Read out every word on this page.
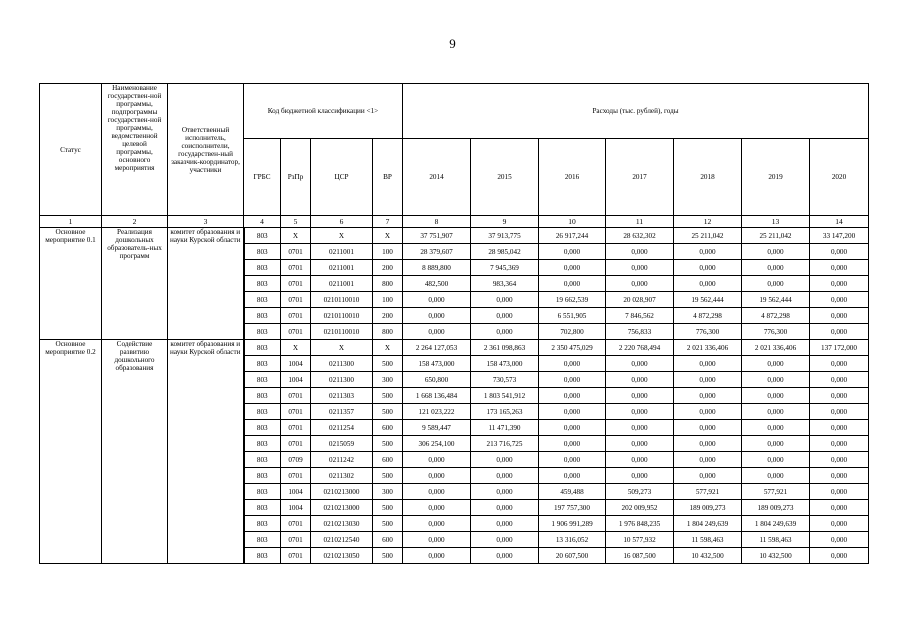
9
Статус	Наименование государствен-ной программы, подпрограммы государствен-ной программы, ведомственной целевой программы, основного мероприятия	Ответственный исполнитель, соисполнители, государствен-ный заказчик-координатор, участники	Код бюджетной классификации <1>				Расходы (тыс. рублей), годы						
			ГРБС	РзПр	ЦСР	ВР	2014	2015	2016	2017	2018	2019	2020
1	2	3	4	5	6	7	8	9	10	11	12	13	14
Основное мероприятие 0.1	Реализация дошкольных образователь-ных программ	комитет образования и науки Курской области	803	X	X	X	37 751,907	37 913,775	26 917,244	28 632,302	25 211,042	25 211,042	33 147,200
			803	0701	0211001	100	28 379,607	28 985,042	0,000	0,000	0,000	0,000	0,000
			803	0701	0211001	200	8 889,800	7 945,369	0,000	0,000	0,000	0,000	0,000
			803	0701	0211001	800	482,500	983,364	0,000	0,000	0,000	0,000	0,000
			803	0701	0210110010	100	0,000	0,000	19 662,539	20 028,907	19 562,444	19 562,444	0,000
			803	0701	0210110010	200	0,000	0,000	6 551,905	7 846,562	4 872,298	4 872,298	0,000
			803	0701	0210110010	800	0,000	0,000	702,800	756,833	776,300	776,300	0,000
Основное мероприятие 0.2	Содействие развитию дошкольного образования	комитет образования и науки Курской области	803	X	X	X	2 264 127,053	2 361 098,863	2 350 475,029	2 220 768,494	2 021 336,406	2 021 336,406	137 172,000
			803	1004	0211300	500	158 473,000	158 473,000	0,000	0,000	0,000	0,000	0,000
			803	1004	0211300	300	650,800	730,573	0,000	0,000	0,000	0,000	0,000
			803	0701	0211303	500	1 668 136,484	1 803 541,912	0,000	0,000	0,000	0,000	0,000
			803	0701	0211357	500	121 023,222	173 165,263	0,000	0,000	0,000	0,000	0,000
			803	0701	0211254	600	9 589,447	11 471,390	0,000	0,000	0,000	0,000	0,000
			803	0701	0215059	500	306 254,100	213 716,725	0,000	0,000	0,000	0,000	0,000
			803	0709	0211242	600	0,000	0,000	0,000	0,000	0,000	0,000	0,000
			803	0701	0211302	500	0,000	0,000	0,000	0,000	0,000	0,000	0,000
			803	1004	0210213000	300	0,000	0,000	459,488	509,273	577,921	577,921	0,000
			803	1004	0210213000	500	0,000	0,000	197 757,300	202 009,952	189 009,273	189 009,273	0,000
			803	0701	0210213030	500	0,000	0,000	1 906 991,289	1 976 848,235	1 804 249,639	1 804 249,639	0,000
			803	0701	0210212540	600	0,000	0,000	13 316,052	10 577,932	11 598,463	11 598,463	0,000
			803	0701	0210213050	500	0,000	0,000	20 607,500	16 087,500	10 432,500	10 432,500	0,000
